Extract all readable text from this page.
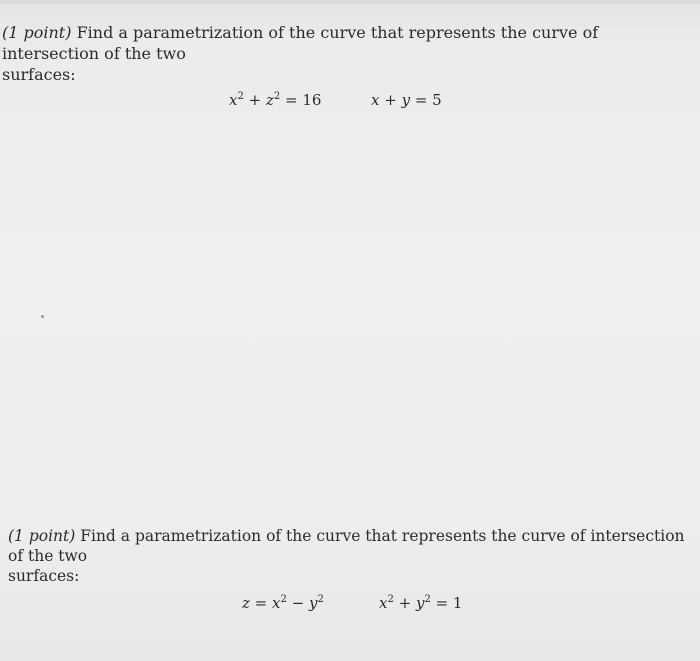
(1 point) Find a parametrization of the curve that represents the curve of intersection of the two
surfaces:

$x^2 + z^2 = 16$	x + y = 5

(1 point) Find a parametrization of the curve that represents the curve of intersection of the two
surfaces:

$z = x^2 - y^2$	$x^2 + y^2 = 1$
